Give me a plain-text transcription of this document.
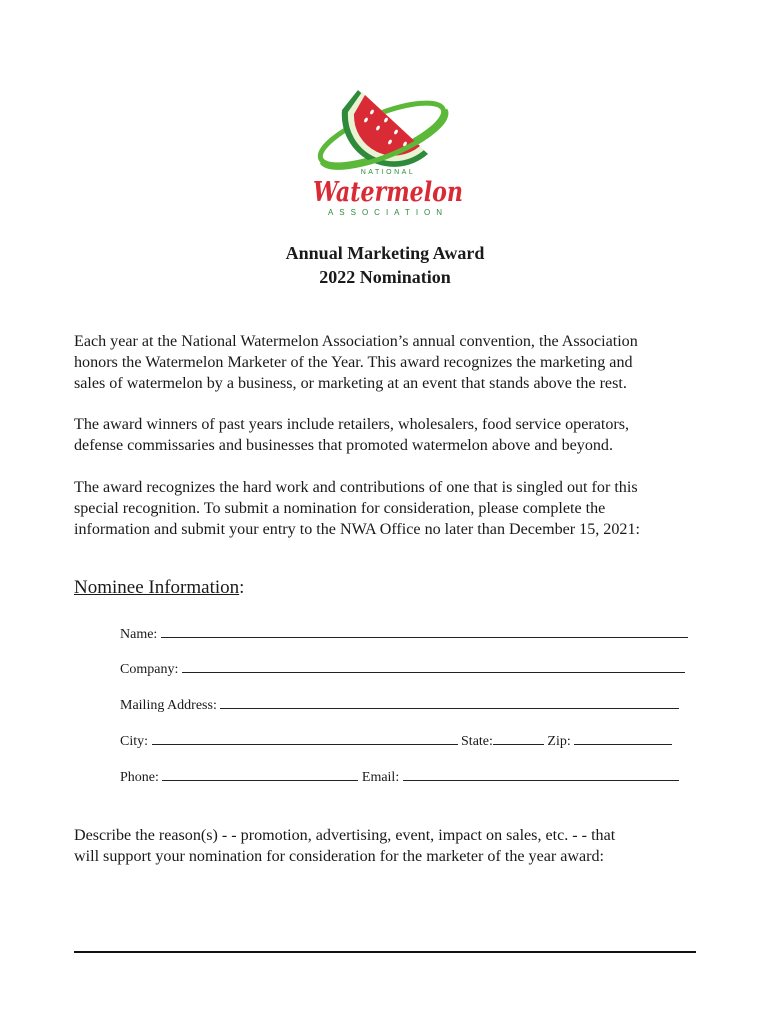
NATIONAL
Watermelon
ASSOCIATION
Annual Marketing Award
2022 Nomination
Each year at the National Watermelon Association’s annual convention, the Association
honors the Watermelon Marketer of the Year. This award recognizes the marketing and
sales of watermelon by a business, or marketing at an event that stands above the rest.
The award winners of past years include retailers, wholesalers, food service operators,
defense commissaries and businesses that promoted watermelon above and beyond.
The award recognizes the hard work and contributions of one that is singled out for this
special recognition. To submit a nomination for consideration, please complete the
information and submit your entry to the NWA Office no later than December 15, 2021:
Nominee Information:
Name:
Company:
Mailing Address:
City:	State:	Zip:
Phone:	Email:
Describe the reason(s) - - promotion, advertising, event, impact on sales, etc. - - that
will support your nomination for consideration for the marketer of the year award:
